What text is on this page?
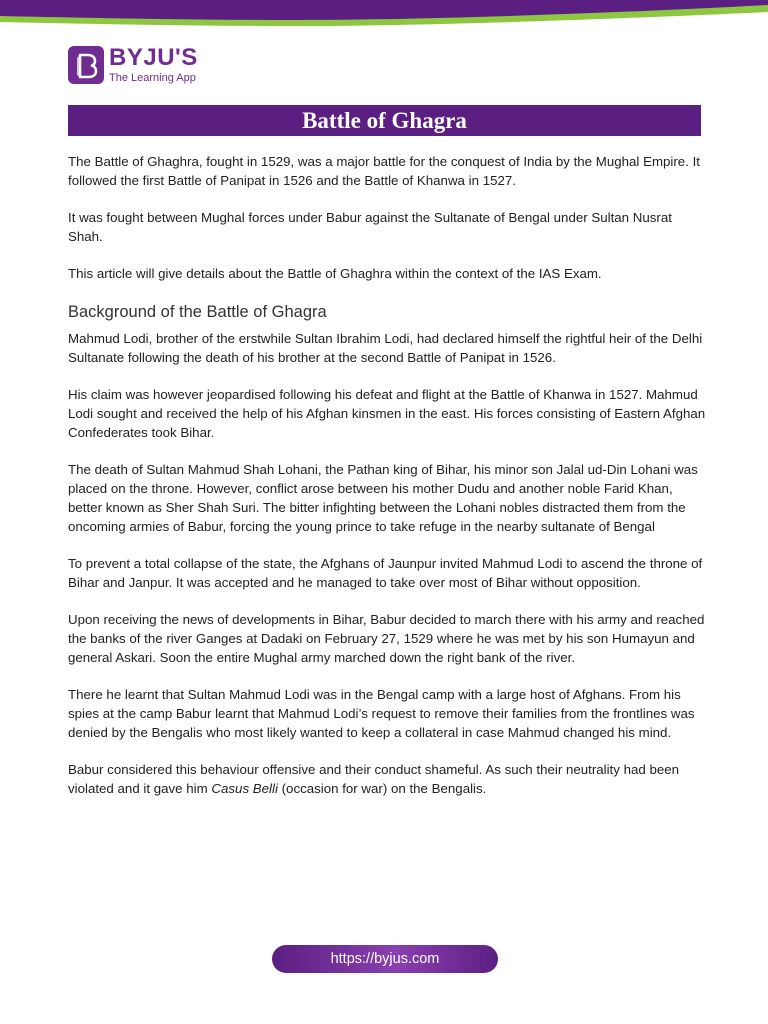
BYJU'S
The Learning App
Battle of Ghagra

The Battle of Ghaghra, fought in 1529, was a major battle for the conquest of India by the Mughal Empire. It followed the first Battle of Panipat in 1526 and the Battle of Khanwa in 1527.

It was fought between Mughal forces under Babur against the Sultanate of Bengal under Sultan Nusrat Shah.

This article will give details about the Battle of Ghaghra within the context of the IAS Exam.

Background of the Battle of Ghagra

Mahmud Lodi, brother of the erstwhile Sultan Ibrahim Lodi, had declared himself the rightful heir of the Delhi Sultanate following the death of his brother at the second Battle of Panipat in 1526.

His claim was however jeopardised following his defeat and flight at the Battle of Khanwa in 1527. Mahmud Lodi sought and received the help of his Afghan kinsmen in the east. His forces consisting of Eastern Afghan Confederates took Bihar.

The death of Sultan Mahmud Shah Lohani, the Pathan king of Bihar, his minor son Jalal ud-Din Lohani was placed on the throne. However, conflict arose between his mother Dudu and another noble Farid Khan, better known as Sher Shah Suri. The bitter infighting between the Lohani nobles distracted them from the oncoming armies of Babur, forcing the young prince to take refuge in the nearby sultanate of Bengal

To prevent a total collapse of the state, the Afghans of Jaunpur invited Mahmud Lodi to ascend the throne of Bihar and Janpur. It was accepted and he managed to take over most of Bihar without opposition.

Upon receiving the news of developments in Bihar, Babur decided to march there with his army and reached the banks of the river Ganges at Dadaki on February 27, 1529 where he was met by his son Humayun and general Askari. Soon the entire Mughal army marched down the right bank of the river.

There he learnt that Sultan Mahmud Lodi was in the Bengal camp with a large host of Afghans. From his spies at the camp Babur learnt that Mahmud Lodi’s request to remove their families from the frontlines was denied by the Bengalis who most likely wanted to keep a collateral in case Mahmud changed his mind.

Babur considered this behaviour offensive and their conduct shameful. As such their neutrality had been violated and it gave him Casus Belli (occasion for war) on the Bengalis.

https://byjus.com
